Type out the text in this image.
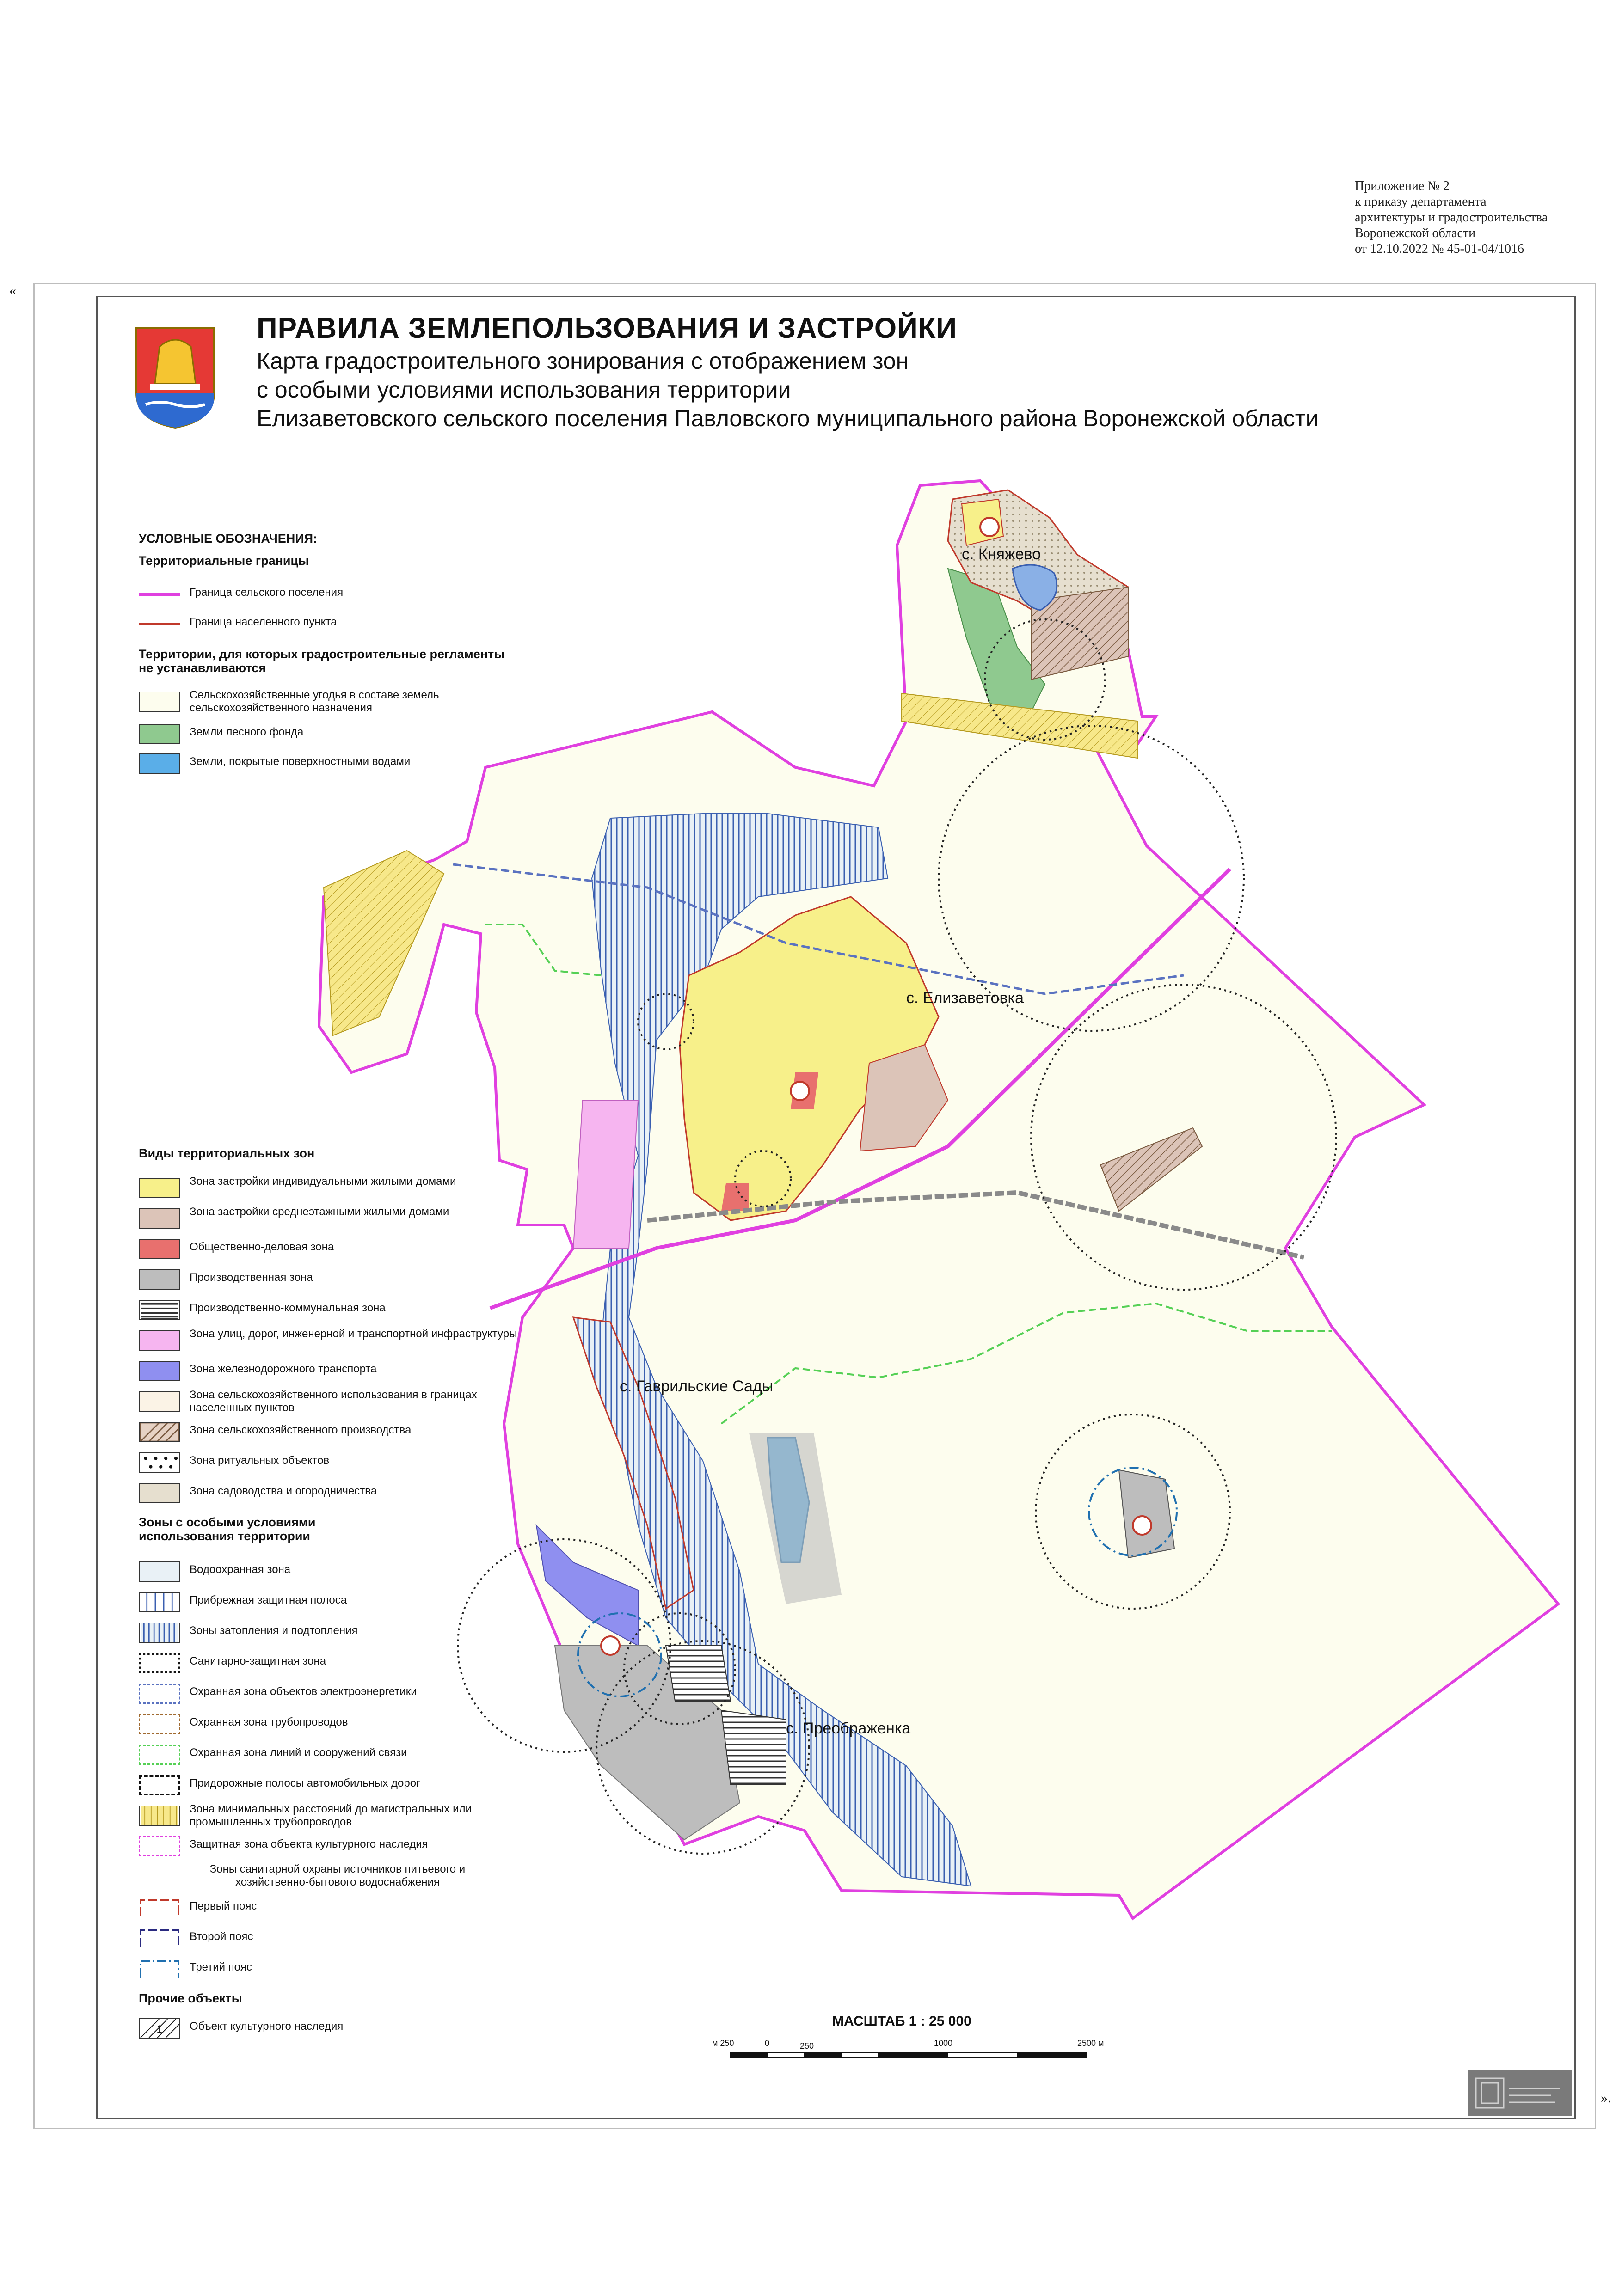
Приложение № 2
к приказу департамента
архитектуры и градостроительства
Воронежской области
от 12.10.2022 № 45-01-04/1016
«
».
ПРАВИЛА ЗЕМЛЕПОЛЬЗОВАНИЯ И ЗАСТРОЙКИ
Карта градостроительного зонирования с отображением зон
с особыми условиями использования территории
Елизаветовского сельского поселения Павловского муниципального района Воронежской области
с. Княжево
с. Елизаветовка
с. Гаврильские Сады
с. Преображенка
УСЛОВНЫЕ ОБОЗНАЧЕНИЯ:
Территориальные границы
Граница сельского поселения
Граница населенного пункта
Территории, для которых градостроительные регламенты не устанавливаются
Сельскохозяйственные угодья в составе земель сельскохозяйственного назначения
Земли лесного фонда
Земли, покрытые поверхностными водами
Виды территориальных зон
Зона застройки индивидуальными жилыми домами
Зона застройки среднеэтажными жилыми домами
Общественно-деловая зона
Производственная зона
Производственно-коммунальная зона
Зона улиц, дорог, инженерной и транспортной инфраструктуры
Зона железнодорожного транспорта
Зона сельскохозяйственного использования в границах населенных пунктов
Зона сельскохозяйственного производства
Зона ритуальных объектов
Зона садоводства и огородничества
Зоны с особыми условиями использования территории
Водоохранная зона
Прибрежная защитная полоса
Зоны затопления и подтопления
Санитарно-защитная зона
Охранная зона объектов электроэнергетики
Охранная зона трубопроводов
Охранная зона линий и сооружений связи
Придорожные полосы автомобильных дорог
Зона минимальных расстояний до магистральных или промышленных трубопроводов
Защитная зона объекта культурного наследия
Зоны санитарной охраны источников питьевого и хозяйственно-бытового водоснабжения
Первый пояс
Второй пояс
Третий пояс
Прочие объекты
1 Объект культурного наследия	МАСШТАБ 1 : 25 000
м 250	0	250	1000	2500 м
